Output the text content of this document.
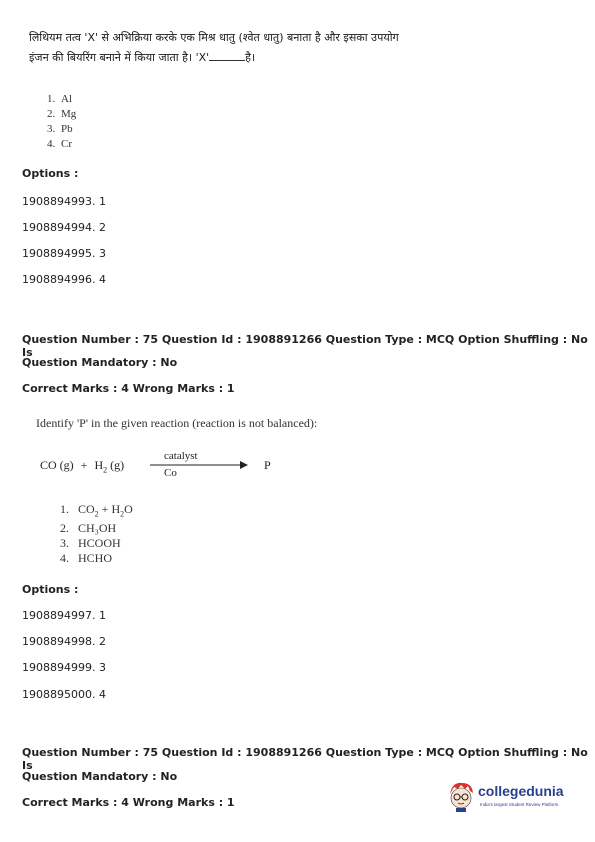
लिथियम तत्व 'X' से अभिक्रिया करके एक मिश्र धातु (श्वेत धातु) बनाता है और इसका उपयोग
इंजन की बियरिंग बनाने में किया जाता है। 'X'	है।
1. Al
2. Mg
3. Pb
4. Cr
Options :
1908894993. 1
1908894994. 2
1908894995. 3
1908894996. 4
Question Number : 75 Question Id : 1908891266 Question Type : MCQ Option Shuffling : No Is
Question Mandatory : No
Correct Marks : 4 Wrong Marks : 1
Identify 'P' in the given reaction (reaction is not balanced):
CO $(g) + H_2$ (g)
catalyst
Co
P
1. $CO_2 + H_2O$
2. CH₃OH
3. HCOOH
4. HCHO
Options :
1908894997. 1
1908894998. 2
1908894999. 3
1908895000. 4
Question Number : 75 Question Id : 1908891266 Question Type : MCQ Option Shuffling : No Is
Question Mandatory : No
Correct Marks : 4 Wrong Marks : 1
collegedunia
India's largest Student Review Platform
